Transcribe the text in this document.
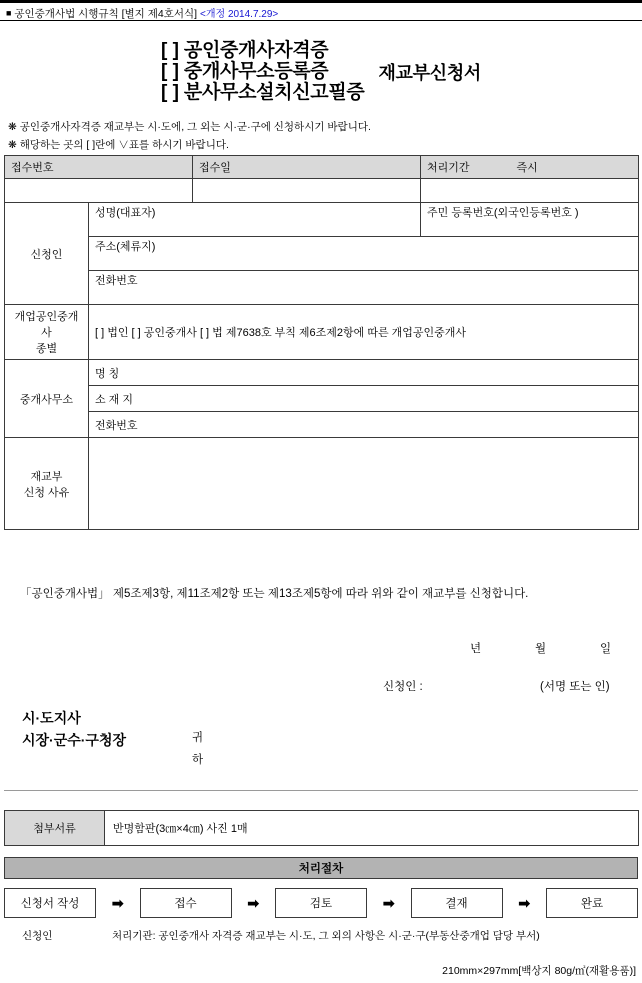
■ 공인중개사법 시행규칙 [별지 제4호서식] <개정 2014.7.29>
[ ] 공인중개사자격증
[ ] 중개사무소등록증
[ ] 분사무소설치신고필증
재교부신청서
❋ 공인중개사자격증 재교부는 시·도에, 그 외는 시·군·구에 신청하시기 바랍니다.
❋ 해당하는 곳의 [ ]란에 ∨표를 하시기 바랍니다.
접수번호		접수일	처리기간	즉시

신청인	성명(대표자)		주민 등록번호(외국인등록번호 )	

	주소(체류지)			

	전화번호			

개업공인중개사
종별	[ ] 법인 [ ] 공인중개사 [ ] 법 제7638호 부칙 제6조제2항에 따른 개업공인중개사			
중개사무소	명 칭			
	소 재 지			
	전화번호			

재교부
신청 사유				

「공인중개사법」 제5조제3항, 제11조제2항 또는 제13조제5항에 따라 위와 같이 재교부를 신청합니다.
년	월	일
신청인 :	(서명 또는 인)
시·도지사
시장·군수·구청장	귀하
첨부서류	반명함판(3㎝×4㎝) 사진 1매
처리절차
신청서 작성	➡	접수	➡	검토	➡	결재	➡	완료
신청인	처리기관: 공인중개사 자격증 재교부는 시·도, 그 외의 사항은 시·군·구(부동산중개업 담당 부서)
210mm×297mm[백상지 80g/㎡(재활용품)]
